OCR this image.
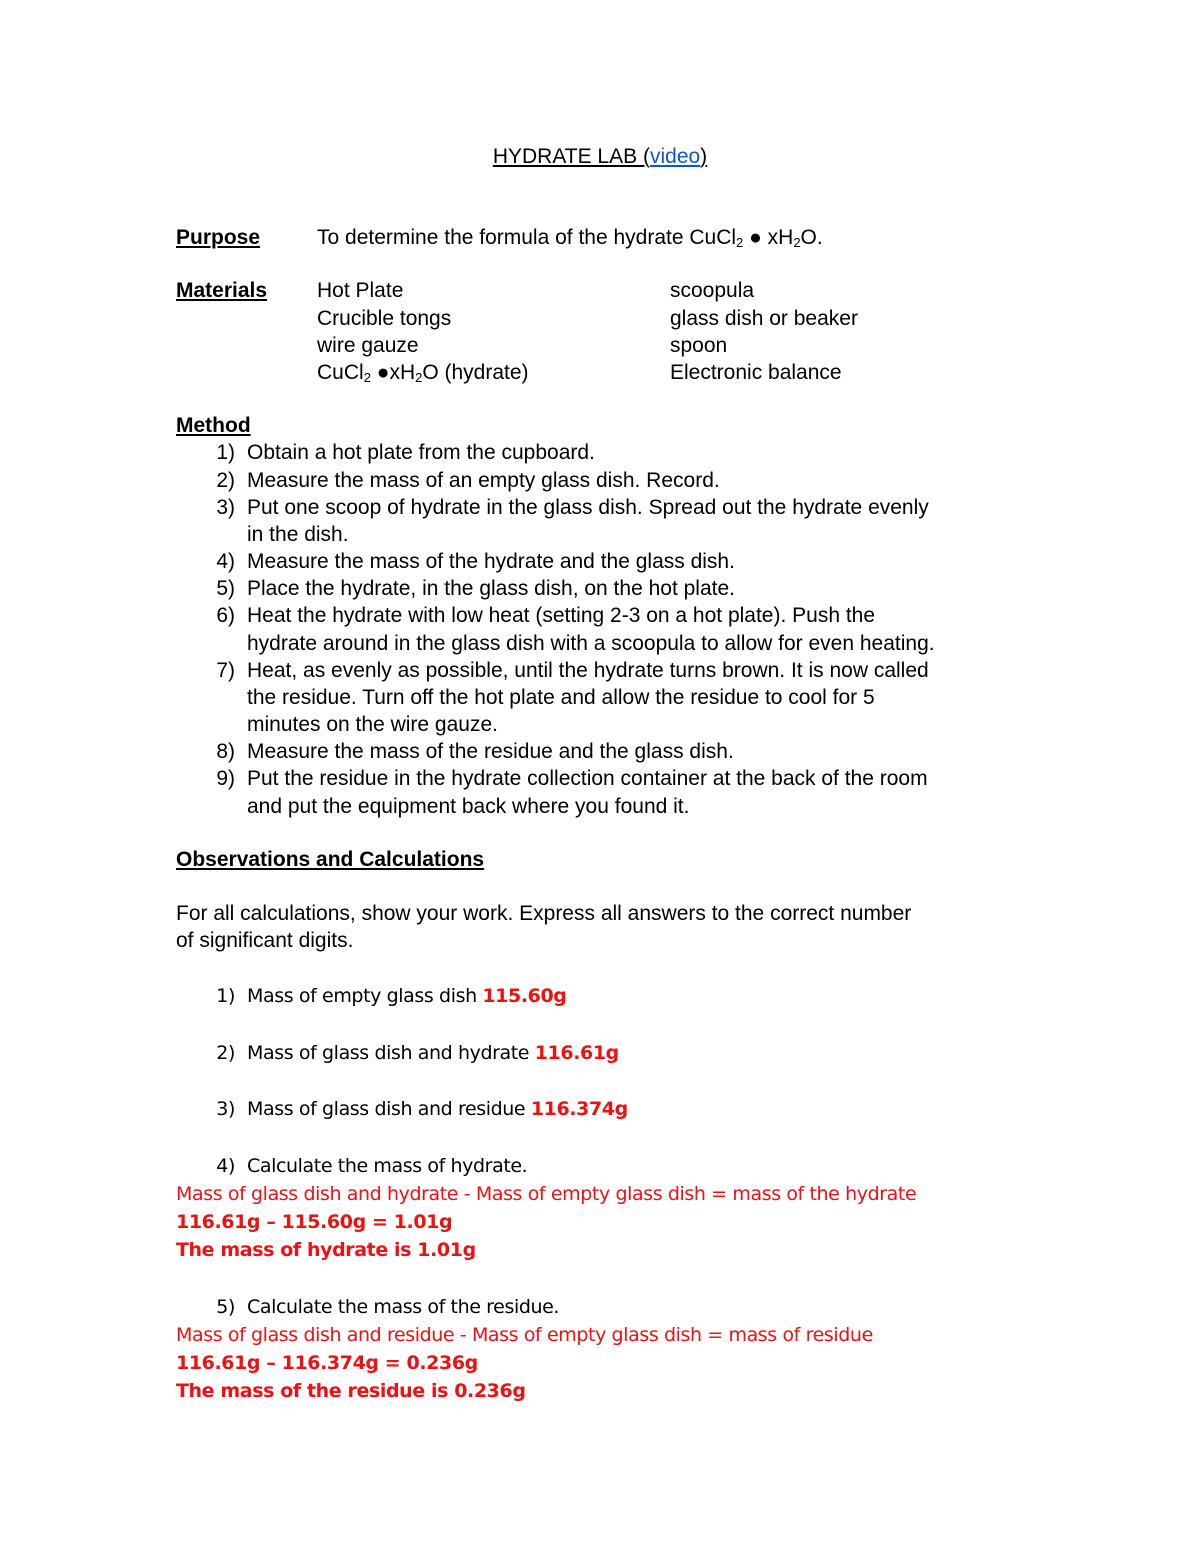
HYDRATE LAB (video)
Purpose	To determine the formula of the hydrate CuCl$_2$ ● $xH_2O$.
Materials Hot Plate
Crucible tongs
wire gauze
CuCl$_2$ $●xH_2O$ (hydrate)
scoopula
glass dish or beaker
spoon
Electronic balance
Method
1) Obtain a hot plate from the cupboard.
2) Measure the mass of an empty glass dish. Record.
3) Put one scoop of hydrate in the glass dish. Spread out the hydrate evenly
in the dish.
4) Measure the mass of the hydrate and the glass dish.
5) Place the hydrate, in the glass dish, on the hot plate.
6) Heat the hydrate with low heat (setting 2-3 on a hot plate). Push the
hydrate around in the glass dish with a scoopula to allow for even heating.
7) Heat, as evenly as possible, until the hydrate turns brown. It is now called
the residue. Turn off the hot plate and allow the residue to cool for 5
minutes on the wire gauze.
8) Measure the mass of the residue and the glass dish.
9) Put the residue in the hydrate collection container at the back of the room
and put the equipment back where you found it.
Observations and Calculations
For all calculations, show your work. Express all answers to the correct number
of significant digits.
1) Mass of empty glass dish 115.60g
2) Mass of glass dish and hydrate 116.61g
3) Mass of glass dish and residue 116.374g
4) Calculate the mass of hydrate.
Mass of glass dish and hydrate - Mass of empty glass dish = mass of the hydrate
116.61g – 115.60g = 1.01g
The mass of hydrate is 1.01g
5) Calculate the mass of the residue.
Mass of glass dish and residue - Mass of empty glass dish = mass of residue
116.61g – 116.374g = 0.236g
The mass of the residue is 0.236g
